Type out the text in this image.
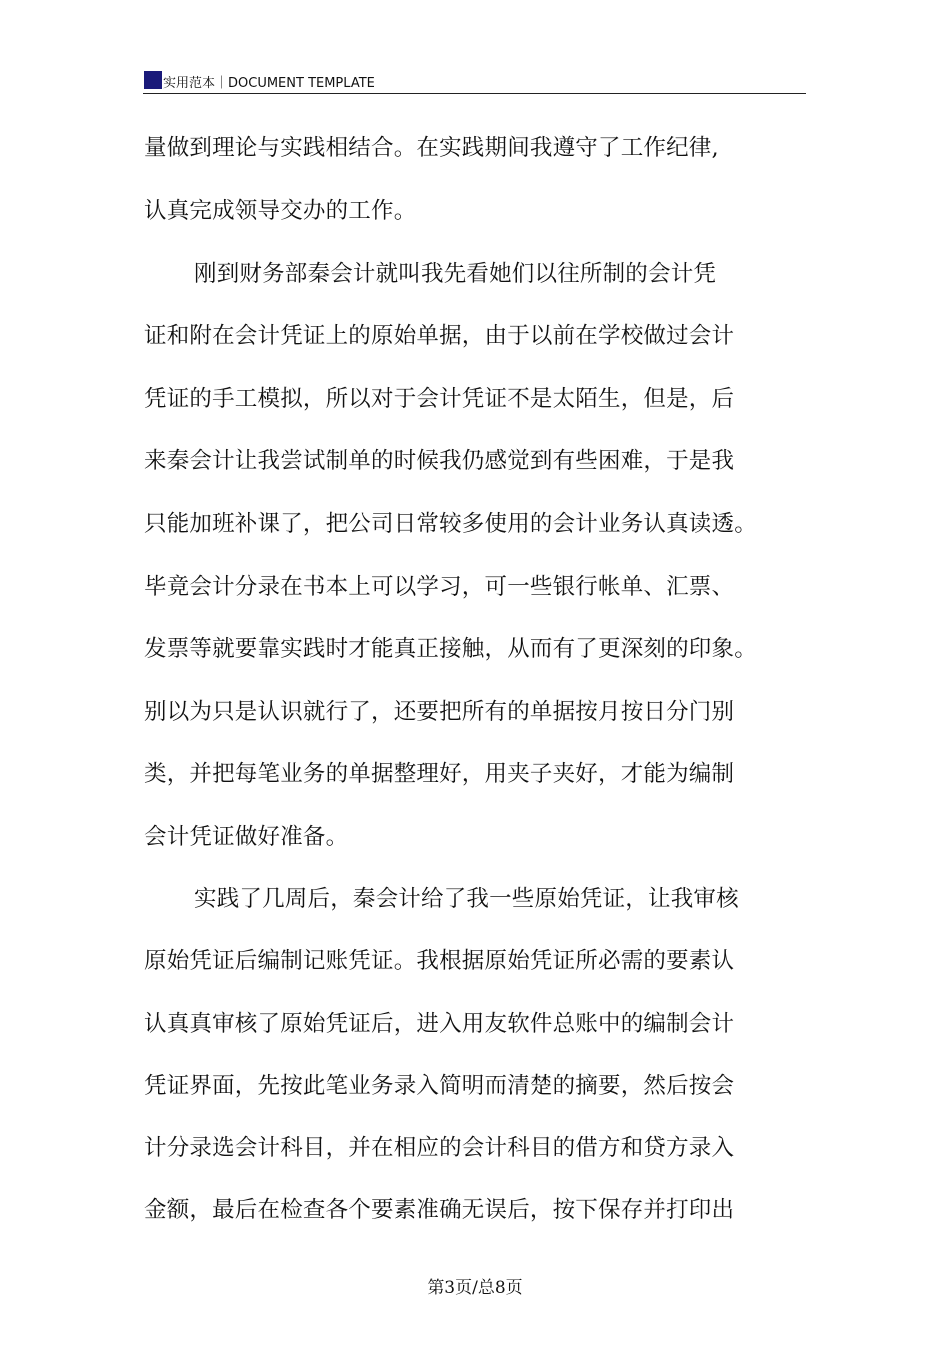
实用范本｜DOCUMENT TEMPLATE
量做到理论与实践相结合。在实践期间我遵守了工作纪律,
认真完成领导交办的工作。
刚到财务部秦会计就叫我先看她们以往所制的会计凭
证和附在会计凭证上的原始单据，由于以前在学校做过会计
凭证的手工模拟，所以对于会计凭证不是太陌生，但是，后
来秦会计让我尝试制单的时候我仍感觉到有些困难，于是我
只能加班补课了，把公司日常较多使用的会计业务认真读透。
毕竟会计分录在书本上可以学习，可一些银行帐单、汇票、
发票等就要靠实践时才能真正接触，从而有了更深刻的印象。
别以为只是认识就行了，还要把所有的单据按月按日分门别
类，并把每笔业务的单据整理好，用夹子夹好，才能为编制
会计凭证做好准备。
实践了几周后，秦会计给了我一些原始凭证，让我审核
原始凭证后编制记账凭证。我根据原始凭证所必需的要素认
认真真审核了原始凭证后，进入用友软件总账中的编制会计
凭证界面，先按此笔业务录入简明而清楚的摘要，然后按会
计分录选会计科目，并在相应的会计科目的借方和贷方录入
金额，最后在检查各个要素准确无误后，按下保存并打印出
第3页/总8页
